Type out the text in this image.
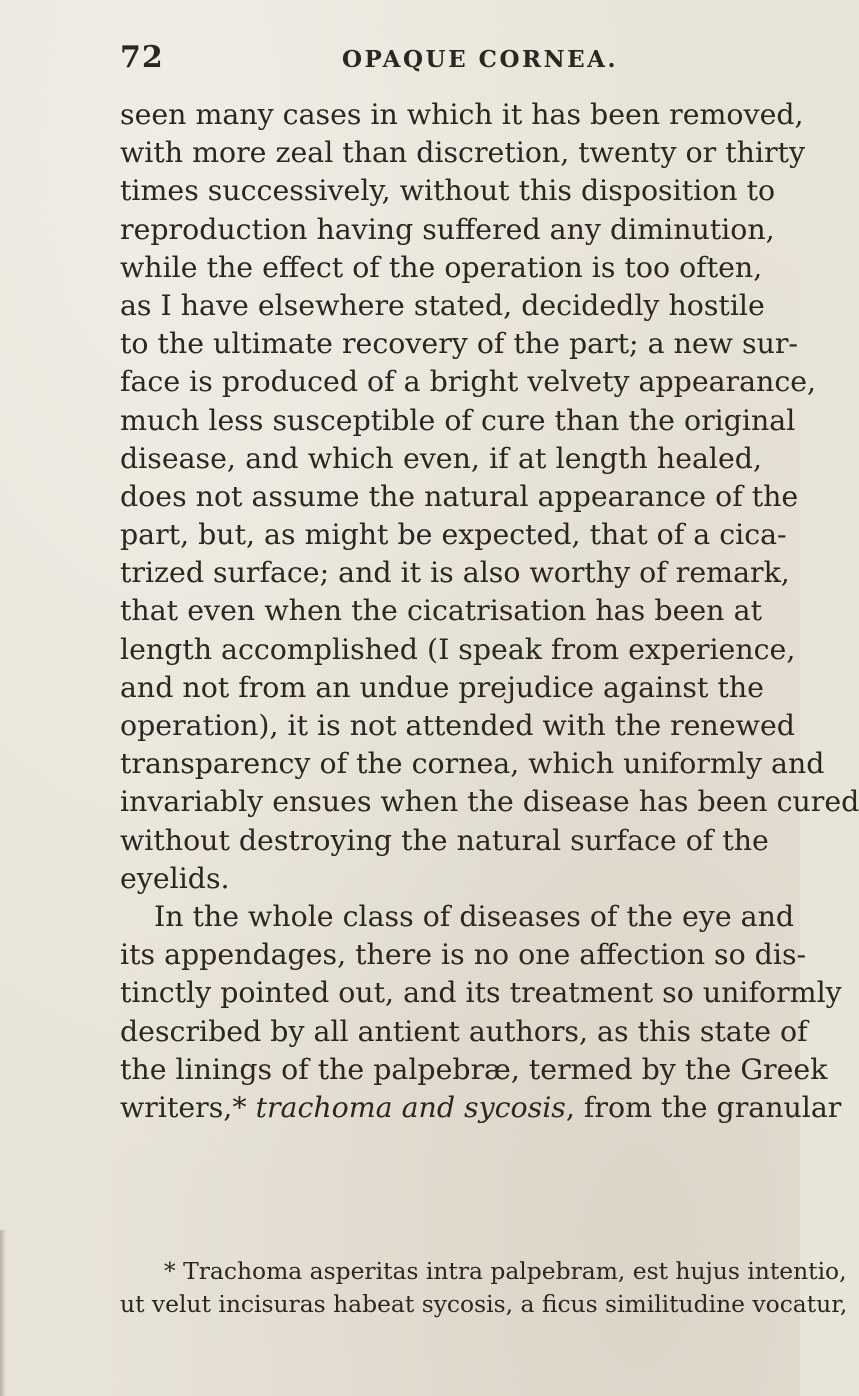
72	OPAQUE CORNEA.
seen many cases in which it has been removed,
with more zeal than discretion, twenty or thirty
times successively, without this disposition to
reproduction having suffered any diminution,
while the effect of the operation is too often,
as I have elsewhere stated, decidedly hostile
to the ultimate recovery of the part; a new sur-
face is produced of a bright velvety appearance,
much less susceptible of cure than the original
disease, and which even, if at length healed,
does not assume the natural appearance of the
part, but, as might be expected, that of a cica-
trized surface; and it is also worthy of remark,
that even when the cicatrisation has been at
length accomplished (I speak from experience,
and not from an undue prejudice against the
operation), it is not attended with the renewed
transparency of the cornea, which uniformly and
invariably ensues when the disease has been cured
without destroying the natural surface of the
eyelids.
In the whole class of diseases of the eye and
its appendages, there is no one affection so dis-
tinctly pointed out, and its treatment so uniformly
described by all antient authors, as this state of
the linings of the palpebræ, termed by the Greek
writers,* trachoma and sycosis, from the granular
* Trachoma asperitas intra palpebram, est hujus intentio,
ut velut incisuras habeat sycosis, a ficus similitudine vocatur,
